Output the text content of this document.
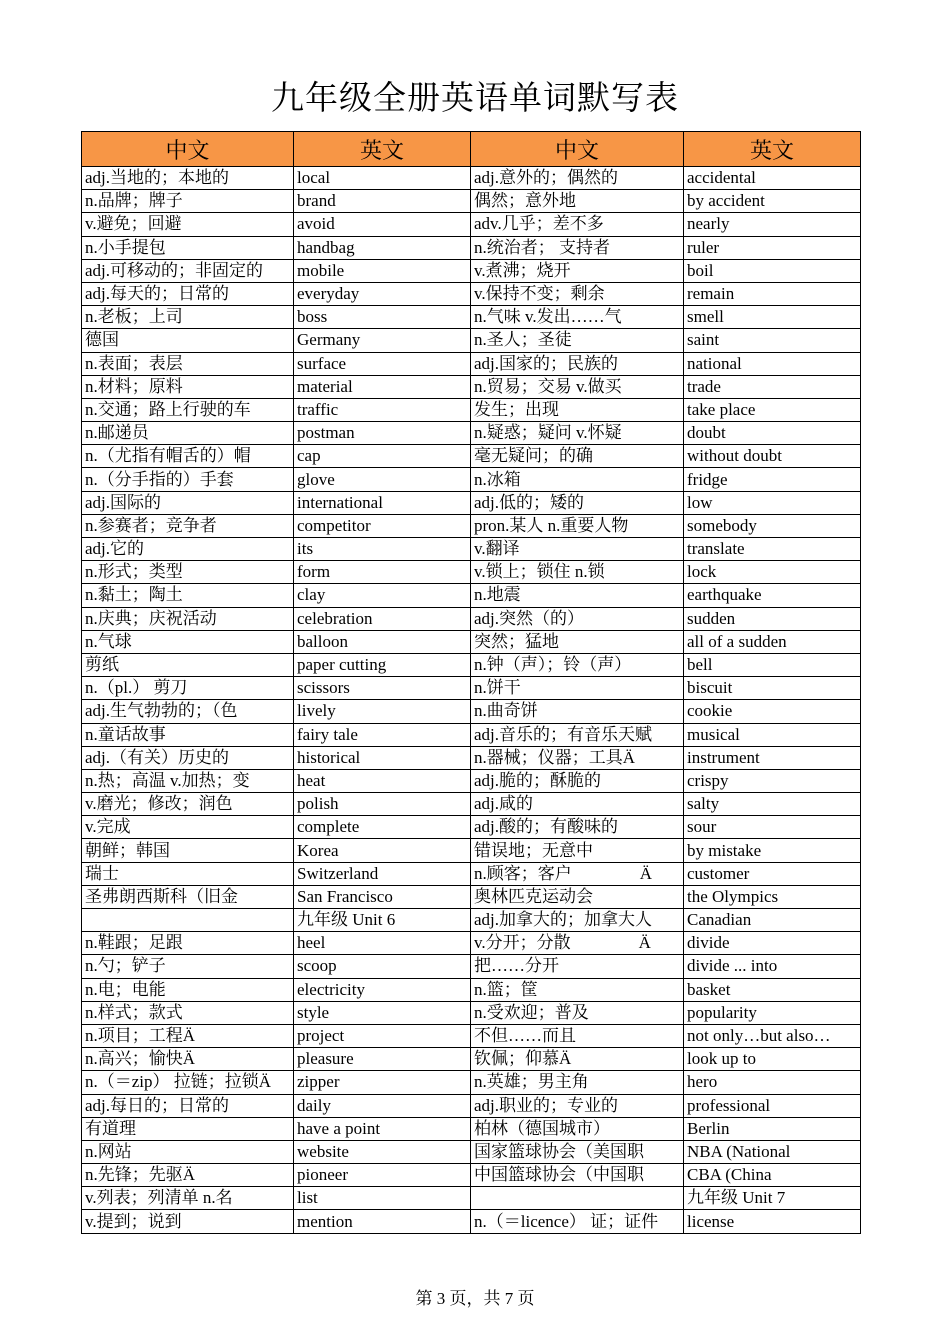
九年级全册英语单词默写表
中文	英文	中文	英文
adj.当地的；本地的	local	adj.意外的；偶然的	accidental
n.品牌；牌子	brand	偶然；意外地	by accident
v.避免；回避	avoid	adv.几乎；差不多	nearly
n.小手提包	handbag	n.统治者； 支持者	ruler
adj.可移动的；非固定的	mobile	v.煮沸；烧开	boil
adj.每天的；日常的	everyday	v.保持不变；剩余	remain
n.老板；上司	boss	n.气味 v.发出……气	smell
德国	Germany	n.圣人；圣徒	saint
n.表面；表层	surface	adj.国家的；民族的	national
n.材料；原料	material	n.贸易；交易 v.做买	trade
n.交通；路上行驶的车	traffic	发生；出现	take place
n.邮递员	postman	n.疑惑；疑问 v.怀疑	doubt
n.（尤指有帽舌的）帽	cap	毫无疑问；的确	without doubt
n.（分手指的）手套	glove	n.冰箱	fridge
adj.国际的	international	adj.低的；矮的	low
n.参赛者；竞争者	competitor	pron.某人 n.重要人物	somebody
adj.它的	its	v.翻译	translate
n.形式；类型	form	v.锁上；锁住 n.锁	lock
n.黏土；陶土	clay	n.地震	earthquake
n.庆典；庆祝活动	celebration	adj.突然（的）	sudden
n.气球	balloon	突然；猛地	all of a sudden
剪纸	paper cutting	n.钟（声）；铃（声）	bell
n.（pl.） 剪刀	scissors	n.饼干	biscuit
adj.生气勃勃的；（色	lively	n.曲奇饼	cookie
n.童话故事	fairy tale	adj.音乐的；有音乐天赋	musical
adj.（有关）历史的	historical	n.器械；仪器；工具Ä	instrument
n.热；高温 v.加热；变	heat	adj.脆的；酥脆的	crispy
v.磨光；修改；润色	polish	adj.咸的	salty
v.完成	complete	adj.酸的；有酸味的	sour
朝鲜；韩国	Korea	错误地；无意中	by mistake
瑞士	Switzerland	n.顾客；客户　　　　Ä	customer
圣弗朗西斯科（旧金	San Francisco	奥林匹克运动会	the Olympics
	九年级 Unit 6	adj.加拿大的；加拿大人	Canadian
n.鞋跟；足跟	heel	v.分开；分散　　　　Ä	divide
n.勺；铲子	scoop	把……分开	divide ... into
n.电；电能	electricity	n.篮；筐	basket
n.样式；款式	style	n.受欢迎；普及	popularity
n.项目；工程Ä	project	不但……而且	not only…but also…
n.高兴；愉快Ä	pleasure	钦佩；仰慕Ä	look up to
n.（＝zip） 拉链；拉锁Ä	zipper	n.英雄；男主角	hero
adj.每日的；日常的	daily	adj.职业的；专业的	professional
有道理	have a point	柏林（德国城市）	Berlin
n.网站	website	国家篮球协会（美国职	NBA (National
n.先锋；先驱Ä	pioneer	中国篮球协会（中国职	CBA (China
v.列表；列清单 n.名	list		九年级 Unit 7
v.提到；说到	mention	n.（＝licence） 证；证件	license
第 3 页，共 7 页
